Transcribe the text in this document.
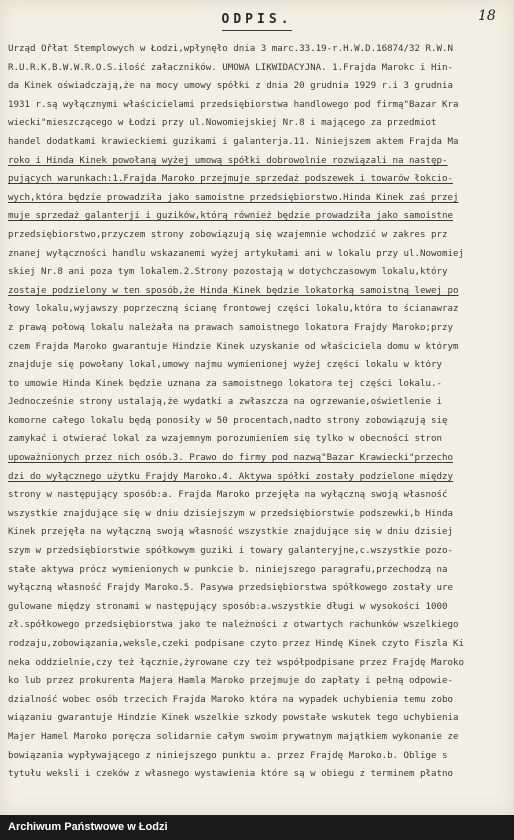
18
ODPIS.
Urząd Ořłat Stemplowych w Łodzi,wpłynęło dnia 3 marc.33.19-r.H.W.D.16874/32 R.W.N
R.U.R.K.B.W.W.R.O.S.ilość załaczników. UMOWA LIKWIDACYJNA. 1.Frajda Marokc i Hin-
da Kinek oświadczają,że na mocy umowy spółki z dnia 20 grudnia 1929 r.i 3 grudnia
1931 r.są wyłącznymi właścicielami przedsiębiorstwa handlowego pod firmą"Bazar Kra
wiecki"mieszczącego w Łodzi przy ul.Nowomiejskiej Nr.8 i mającego za przedmiot
handel dodatkami krawieckiemi guzikami i galanterja.11. Niniejszem aktem Frajda Ma
roko i Hinda Kinek powołaną wyżej umową spółki dobrowolnie rozwiązali na następ-
pujących warunkach:1.Frajda Maroko przejmuje sprzedaż podszewek i towarów łokcio-
wych,która będzie prowadziła jako samoistne przedsiębiorstwo.Hinda Kinek zaś przej
muje sprzedaż galanterji i guzików,którą również będzie prowadziła jako samoistne
przedsiębiorstwo,przyczem strony zobowiązują się wzajemnie wchodzić w zakres prz
znanej wyłączności handlu wskazanemi wyżej artykułami ani w lokalu przy ul.Nowomiej
skiej Nr.8 ani poza tym lokalem.2.Strony pozostają w dotychczasowym lokalu,który
zostaje podzielony w ten sposób,że Hinda Kinek będzie lokatorką samoistną lewej po
łowy lokalu,wyjawszy poprzeczną ścianę frontowej części lokalu,która to ścianawraz
z prawą połową lokalu należała na prawach samoistnego lokatora Frajdy Maroko;przy
czem Frajda Maroko gwarantuje Hindzie Kinek uzyskanie od właściciela domu w którym
znajduje się powołany lokal,umowy najmu wymienionej wyżej części lokalu w który
to umowie Hinda Kinek będzie uznana za samoistnego lokatora tej części lokalu.-
Jednocześnie strony ustalają,że wydatki a zwłaszcza na ogrzewanie,oświetlenie i
komorne całego lokalu będą ponosiły w 50 procentach,nadto strony zobowiązują się
zamykać i otwierać lokal za wzajemnym porozumieniem się tylko w obecności stron
upoważnionych przez nich osób.3. Prawo do firmy pod nazwą"Bazar Krawiecki"przecho
dzi do wyłącznego użytku Frajdy Maroko.4. Aktywa spółki zostały podzielone między
strony w następujący sposób:a. Frajda Maroko przejęła na wyłączną swoją własność
wszystkie znajdujące się w dniu dzisiejszym w przedsiębiorstwie podszewki,b Hinda
Kinek przejęła na wyłączną swoją własność wszystkie znajdujące się w dniu dzisiej
szym w przedsiębiorstwie spółkowym guziki i towary galanteryjne,c.wszystkie pozo-
stałe aktywa prócz wymienionych w punkcie b. niniejszego paragrafu,przechodzą na
wyłączną własność Frajdy Maroko.5. Pasywa przedsiębiorstwa spółkowego zostały ure
gulowane między stronami w następujący sposób:a.wszystkie długi w wysokości 1000
zł.spółkowego przedsiębiorstwa jako te należności z otwartych rachunków wszelkiego
rodzaju,zobowiązania,weksle,czeki podpisane czyto przez Hindę Kinek czyto Fiszla Ki
neka oddzielnie,czy też łącznie,żyrowane czy też współpodpisane przez Frajdę Maroko
ko lub przez prokurenta Majera Hamla Maroko przejmuje do zapłaty i pełną odpowie-
dzialność wobec osób trzecich Frajda Maroko która na wypadek uchybienia temu zobo
wiązaniu gwarantuje Hindzie Kinek wszelkie szkody powstałe wskutek tego uchybienia
Majer Hamel Maroko poręcza solidarnie całym swoim prywatnym majątkiem wykonanie ze
bowiązania wypływającego z niniejszego punktu a. przez Frajdę Maroko.b. Oblige s
tytułu weksli i czeków z własnego wystawienia które są w obiegu z terminem płatno
Archiwum Państwowe w Łodzi
